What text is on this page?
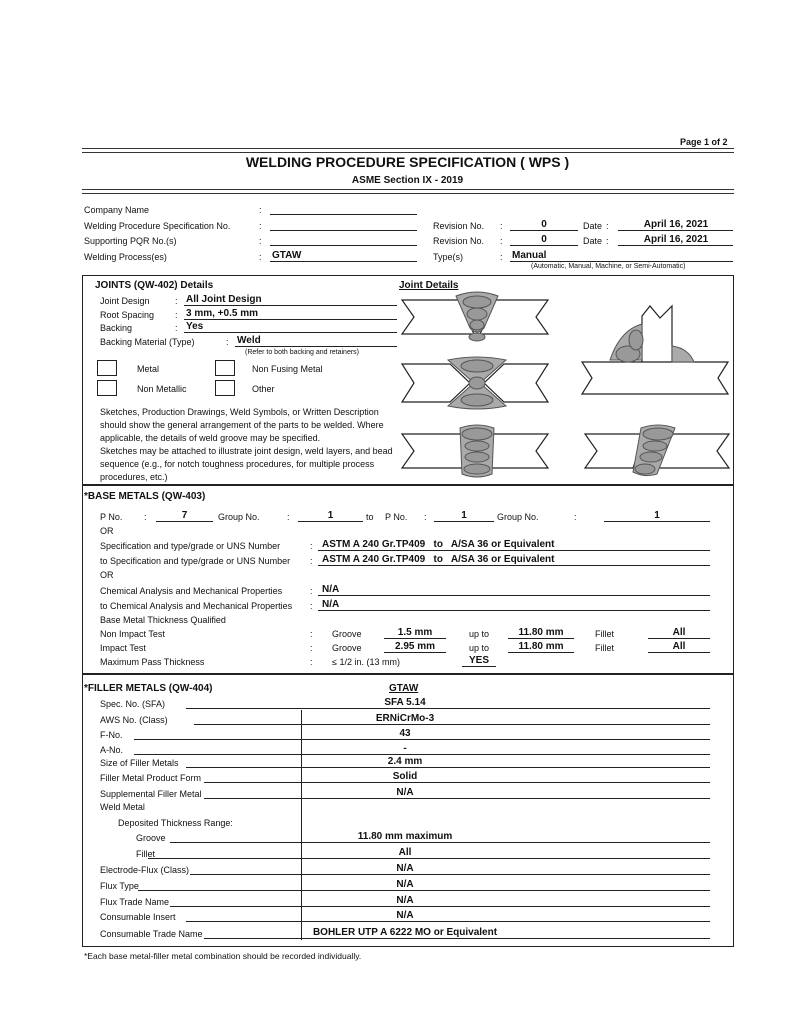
Page 1 of 2
WELDING PROCEDURE SPECIFICATION ( WPS )
ASME Section IX - 2019
Company Name	:
Welding Procedure Specification No.	:	Revision No. :	0	Date :	April 16, 2021
Supporting PQR No.(s)	:	Revision No. :	0	Date :	April 16, 2021
Welding Process(es)	: GTAW	Type(s)	: Manual
(Automatic, Manual, Machine, or Semi-Automatic)
JOINTS (QW-402) Details	Joint Details
Joint Design	: All Joint Design
Root Spacing : 3 mm, +0.5 mm
Backing	: Yes
Backing Material (Type)	: Weld
(Refer to both backing and retainers)
Metal	Non Fusing Metal
Non Metallic	Other
Sketches, Production Drawings, Weld Symbols, or Written Description
should show the general arrangement of the parts to be welded. Where
applicable, the details of weld groove may be specified.
Sketches may be attached to illustrate joint design, weld layers, and bead
sequence (e.g., for notch toughness procedures, for multiple process
procedures, etc.)
*BASE METALS (QW-403)
P No. :	7	Group No.	:	1	to P No. :	1	Group No.	:	1
OR
Specification and type/grade or UNS Number	: ASTM A 240 Gr.TP409   to   A/SA 36 or Equivalent
to Specification and type/grade or UNS Number : ASTM A 240 Gr.TP409   to   A/SA 36 or Equivalent
OR
Chemical Analysis and Mechanical Properties	: N/A
to Chemical Analysis and Mechanical Properties : N/A
Base Metal Thickness Qualified
Non Impact Test	: Groove	1.5 mm	up to	11.80 mm	Fillet	All
Impact Test	: Groove	2.95 mm	up to	11.80 mm	Fillet	All
Maximum Pass Thickness	: ≤ 1/2 in. (13 mm)	YES
*FILLER METALS (QW-404)	GTAW
Spec. No. (SFA)	SFA 5.14
AWS No. (Class)	ERNiCrMo-3
F-No.	43
A-No.	-
Size of Filler Metals	2.4 mm
Filler Metal Product Form	Solid
Supplemental Filler Metal	N/A
Weld Metal
Deposited Thickness Range:
Groove	11.80 mm maximum
Fillet	All
Electrode-Flux (Class)	N/A
Flux Type	N/A
Flux Trade Name	N/A
Consumable Insert	N/A
Consumable Trade Name	BOHLER UTP A 6222 MO or Equivalent
*Each base metal-filler metal combination should be recorded individually.
